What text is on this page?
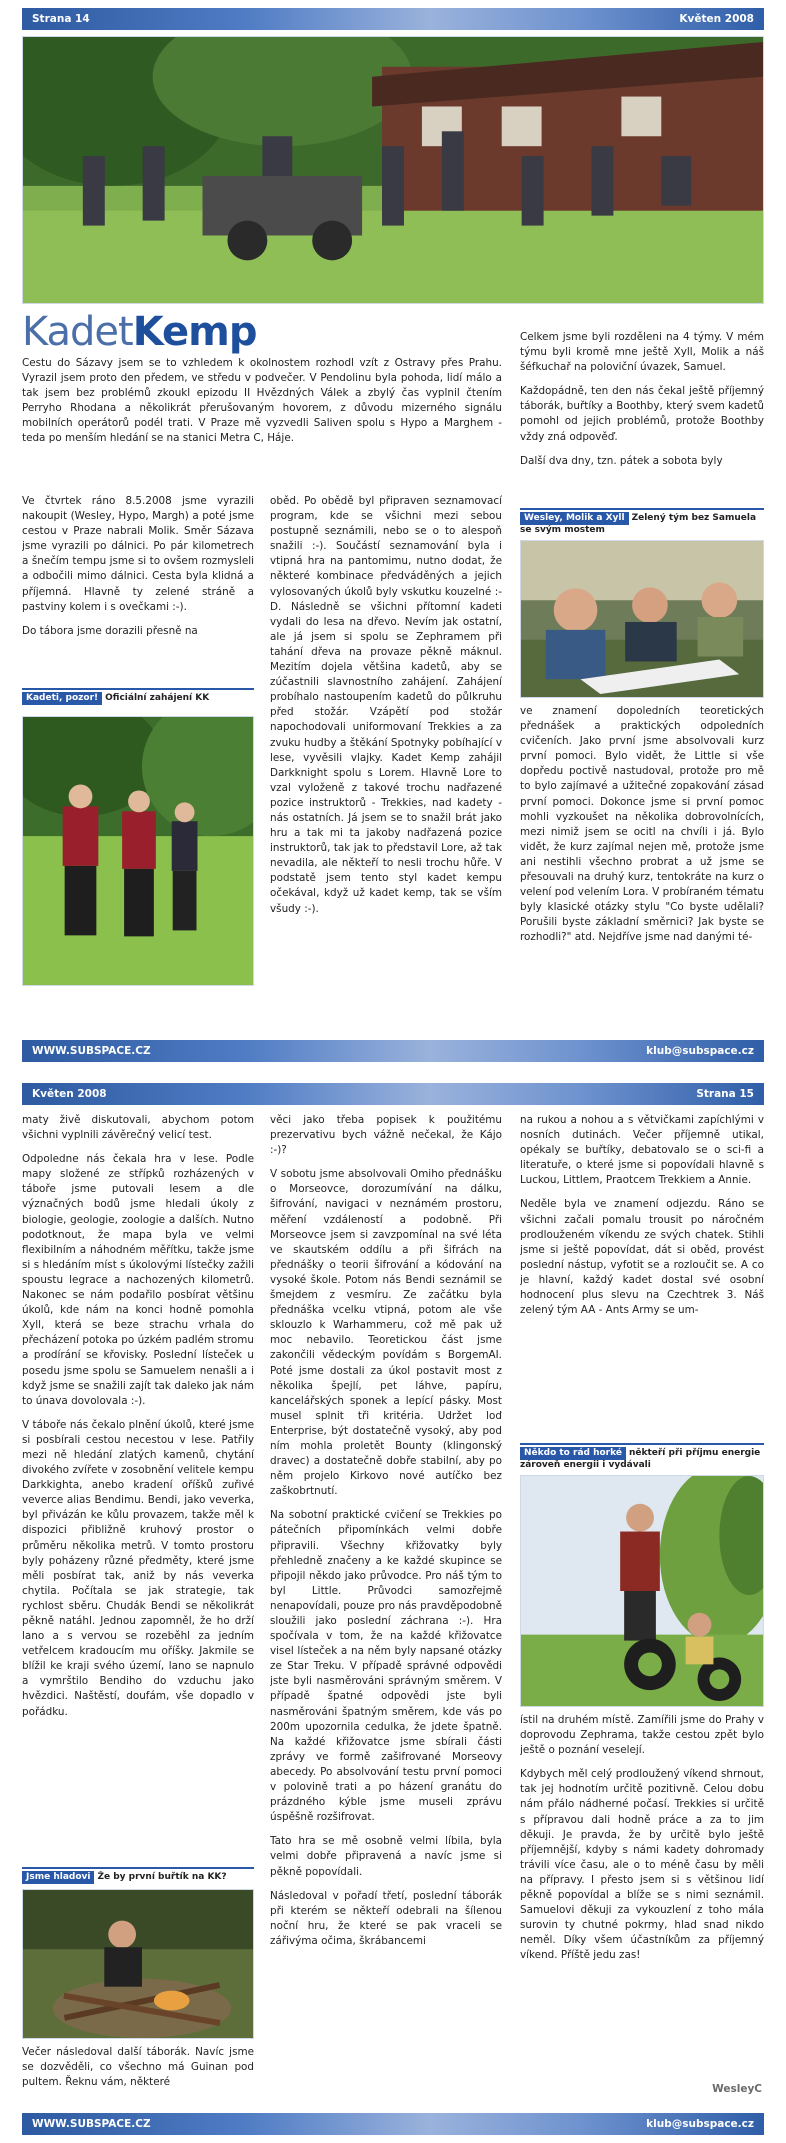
Strana 14	Květen 2008
KadetKemp

Cestu do Sázavy jsem se to vzhledem k okolnostem rozhodl vzít z Ostravy přes Prahu. Vyrazil jsem proto den předem, ve středu v podvečer. V Pendolinu byla pohoda, lidí málo a tak jsem bez problémů zkoukl epizodu II Hvězdných Válek a zbylý čas vyplnil čtením Perryho Rhodana a několikrát přerušovaným hovorem, z důvodu mizerného signálu mobilních operátorů podél trati. V Praze mě vyzvedli Saliven spolu s Hypo a Marghem - teda po menším hledání se na stanici Metra C, Háje.

Ve čtvrtek ráno 8.5.2008 jsme vyrazili nakoupit (Wesley, Hypo, Margh) a poté jsme cestou v Praze nabrali Molik. Směr Sázava jsme vyrazili po dálnici. Po pár kilometrech a šnečím tempu jsme si to ovšem rozmysleli a odbočili mimo dálnici. Cesta byla klidná a příjemná. Hlavně ty zelené stráně a pastviny kolem i s ovečkami :-).

Do tábora jsme dorazili přesně na

Kadeti, pozor! Oficiální zahájení KK

oběd. Po obědě byl připraven seznamovací program, kde se všichni mezi sebou postupně seznámili, nebo se o to alespoň snažili :-). Součástí seznamování byla i vtipná hra na pantomimu, nutno dodat, že některé kombinace předváděných a jejich vylosovaných úkolů byly vskutku kouzelné :-D. Následně se všichni přítomní kadeti vydali do lesa na dřevo. Nevím jak ostatní, ale já jsem si spolu se Zephramem při tahání dřeva na provaze pěkně máknul. Mezitím dojela většina kadetů, aby se zúčastnili slavnostního zahájení. Zahájení probíhalo nastoupením kadetů do půlkruhu před stožár. Vzápětí pod stožár napochodovali uniformovaní Trekkies a za zvuku hudby a štěkání Spotnyky pobíhající v lese, vyvěsili vlajky. Kadet Kemp zahájil Darkknight spolu s Lorem. Hlavně Lore to vzal vyloženě z takové trochu nadřazené pozice instruktorů - Trekkies, nad kadety - nás ostatních. Já jsem se to snažil brát jako hru a tak mi ta jakoby nadřazená pozice instruktorů, tak jak to představil Lore, až tak nevadila, ale někteří to nesli trochu hůře. V podstatě jsem tento styl kadet kempu očekával, když už kadet kemp, tak se vším všudy :-).

Celkem jsme byli rozděleni na 4 týmy. V mém týmu byli kromě mne ještě Xyll, Molik a náš šéfkuchař na poloviční úvazek, Samuel.

Každopádně, ten den nás čekal ještě příjemný táborák, buřtíky a Boothby, který svem kadetů pomohl od jejich problémů, protože Boothby vždy zná odpověď.

Další dva dny, tzn. pátek a sobota byly

Wesley, Molik a Xyll Zelený tým bez Samuela se svým mostem

ve znamení dopoledních teoretických přednášek a praktických odpoledních cvičeních. Jako první jsme absolvovali kurz první pomoci. Bylo vidět, že Little si vše dopředu poctivě nastudoval, protože pro mě to bylo zajímavé a užitečné zopakování zásad první pomoci. Dokonce jsme si první pomoc mohli vyzkoušet na několika dobrovolnících, mezi nimiž jsem se ocitl na chvíli i já. Bylo vidět, že kurz zajímal nejen mě, protože jsme ani nestihli všechno probrat a už jsme se přesouvali na druhý kurz, tentokráte na kurz o velení pod velením Lora. V probíraném tématu byly klasické otázky stylu "Co byste udělali? Porušili byste základní směrnici? Jak byste se rozhodli?" atd. Nejdříve jsme nad danými té-

WWW.SUBSPACE.CZ	klub@subspace.cz
Květen 2008	Strana 15

maty živě diskutovali, abychom potom všichni vyplnili závěrečný velicí test.

Odpoledne nás čekala hra v lese. Podle mapy složené ze střípků rozházených v táboře jsme putovali lesem a dle význačných bodů jsme hledali úkoly z biologie, geologie, zoologie a dalších. Nutno podotknout, že mapa byla ve velmi flexibilním a náhodném měřítku, takže jsme si s hledáním míst s úkolovými lístečky zažili spoustu legrace a nachozených kilometrů. Nakonec se nám podařilo posbírat většinu úkolů, kde nám na konci hodně pomohla Xyll, která se beze strachu vrhala do přecházení potoka po úzkém padlém stromu a prodírání se křovisky. Poslední lísteček u posedu jsme spolu se Samuelem nenašli a i když jsme se snažili zajít tak daleko jak nám to únava dovolovala :-).

V táboře nás čekalo plnění úkolů, které jsme si posbírali cestou necestou v lese. Patřily mezi ně hledání zlatých kamenů, chytání divokého zvířete v zosobnění velitele kempu Darkkighta, anebo kradení oříšků zuřivé veverce alias Bendimu. Bendi, jako veverka, byl přivázán ke kůlu provazem, takže měl k dispozici přibližně kruhový prostor o průměru několika metrů. V tomto prostoru byly poházeny různé předměty, které jsme měli posbírat tak, aniž by nás veverka chytila. Počítala se jak strategie, tak rychlost sběru. Chudák Bendi se několikrát pěkně natáhl. Jednou zapomněl, že ho drží lano a s vervou se rozeběhl za jedním vetřelcem kradoucím mu oříšky. Jakmile se blížil ke kraji svého území, lano se napnulo a vymrštilo Bendiho do vzduchu jako hvězdici. Naštěstí, doufám, vše dopadlo v pořádku.

Jsme hladovi Že by první buřtík na KK?

Večer následoval další táborák. Navíc jsme se dozvěděli, co všechno má Guinan pod pultem. Řeknu vám, některé

věci jako třeba popisek k použitému prezervativu bych vážně nečekal, že Kájo :-)?

V sobotu jsme absolvovali Omiho přednášku o Morseovce, dorozumívání na dálku, šifrování, navigaci v neznámém prostoru, měření vzdáleností a podobně. Při Morseovce jsem si zavzpomínal na své léta ve skautském oddílu a při šifrách na přednášky o teorii šifrování a kódování na vysoké škole. Potom nás Bendi seznámil se šmejdem z vesmíru. Ze začátku byla přednáška vcelku vtipná, potom ale vše sklouzlo k Warhammeru, což mě pak už moc nebavilo. Teoretickou část jsme zakončili vědeckým povídám s BorgemAI. Poté jsme dostali za úkol postavit most z několika špejlí, pet láhve, papíru, kancelářských sponek a lepící pásky. Most musel splnit tři kritéria. Udržet loď Enterprise, být dostatečně vysoký, aby pod ním mohla proletět Bounty (klingonský dravec) a dostatečně dobře stabilní, aby po něm projelo Kirkovo nové autíčko bez zaškobrtnutí.

Na sobotní praktické cvičení se Trekkies po pátečních připomínkách velmi dobře připravili. Všechny křižovatky byly přehledně značeny a ke každé skupince se připojil někdo jako průvodce. Pro náš tým to byl Little. Průvodci samozřejmě nenapovídali, pouze pro nás pravděpodobně sloužili jako poslední záchrana :-). Hra spočívala v tom, že na každé křižovatce visel lísteček a na něm byly napsané otázky ze Star Treku. V případě správné odpovědi jste byli nasměrováni správným směrem. V případě špatné odpovědi jste byli nasměrováni špatným směrem, kde vás po 200m upozornila cedulka, že jdete špatně. Na každé křižovatce jsme sbírali části zprávy ve formě zašifrované Morseovy abecedy. Po absolvování testu první pomoci v polovině trati a po házení granátu do prázdného kýble jsme museli zprávu úspěšně rozšifrovat.

Tato hra se mě osobně velmi líbila, byla velmi dobře připravená a navíc jsme si pěkně popovídali.

Následoval v pořadí třetí, poslední táborák při kterém se někteří odebrali na šílenou noční hru, že které se pak vraceli se zářivýma očima, škrábancemi

na rukou a nohou a s větvičkami zapíchlými v nosních dutinách. Večer příjemně utikal, opékaly se buřtíky, debatovalo se o sci-fi a literatuře, o které jsme si popovídali hlavně s Luckou, Littlem, Praotcem Trekkiem a Annie.

Neděle byla ve znamení odjezdu. Ráno se všichni začali pomalu trousit po náročném prodlouženém víkendu ze svých chatek. Stihli jsme si ještě popovídat, dát si oběd, provést poslední nástup, vyfotit se a rozloučit se. A co je hlavní, každý kadet dostal své osobní hodnocení plus slevu na Czechtrek 3. Náš zelený tým AA - Ants Army se um-

Někdo to rád horké někteří při příjmu energie zároveň energii i vydávali

ístil na druhém místě. Zamířili jsme do Prahy v doprovodu Zephrama, takže cestou zpět bylo ještě o poznání veselejí.

Kdybych měl celý prodloužený víkend shrnout, tak jej hodnotím určitě pozitivně. Celou dobu nám přálo nádherné počasí. Trekkies si určitě s přípravou dali hodně práce a za to jim děkuji. Je pravda, že by určitě bylo ještě příjemnější, kdyby s námi kadety dohromady trávili více času, ale o to méně času by měli na přípravy. I přesto jsem si s většinou lidí pěkně popovídal a blíže se s nimi seznámil. Samuelovi děkuji za vykouzlení z toho mála surovin ty chutné pokrmy, hlad snad nikdo neměl. Díky všem účastníkům za příjemný víkend. Příště jedu zas!

WesleyC
WWW.SUBSPACE.CZ	klub@subspace.cz
